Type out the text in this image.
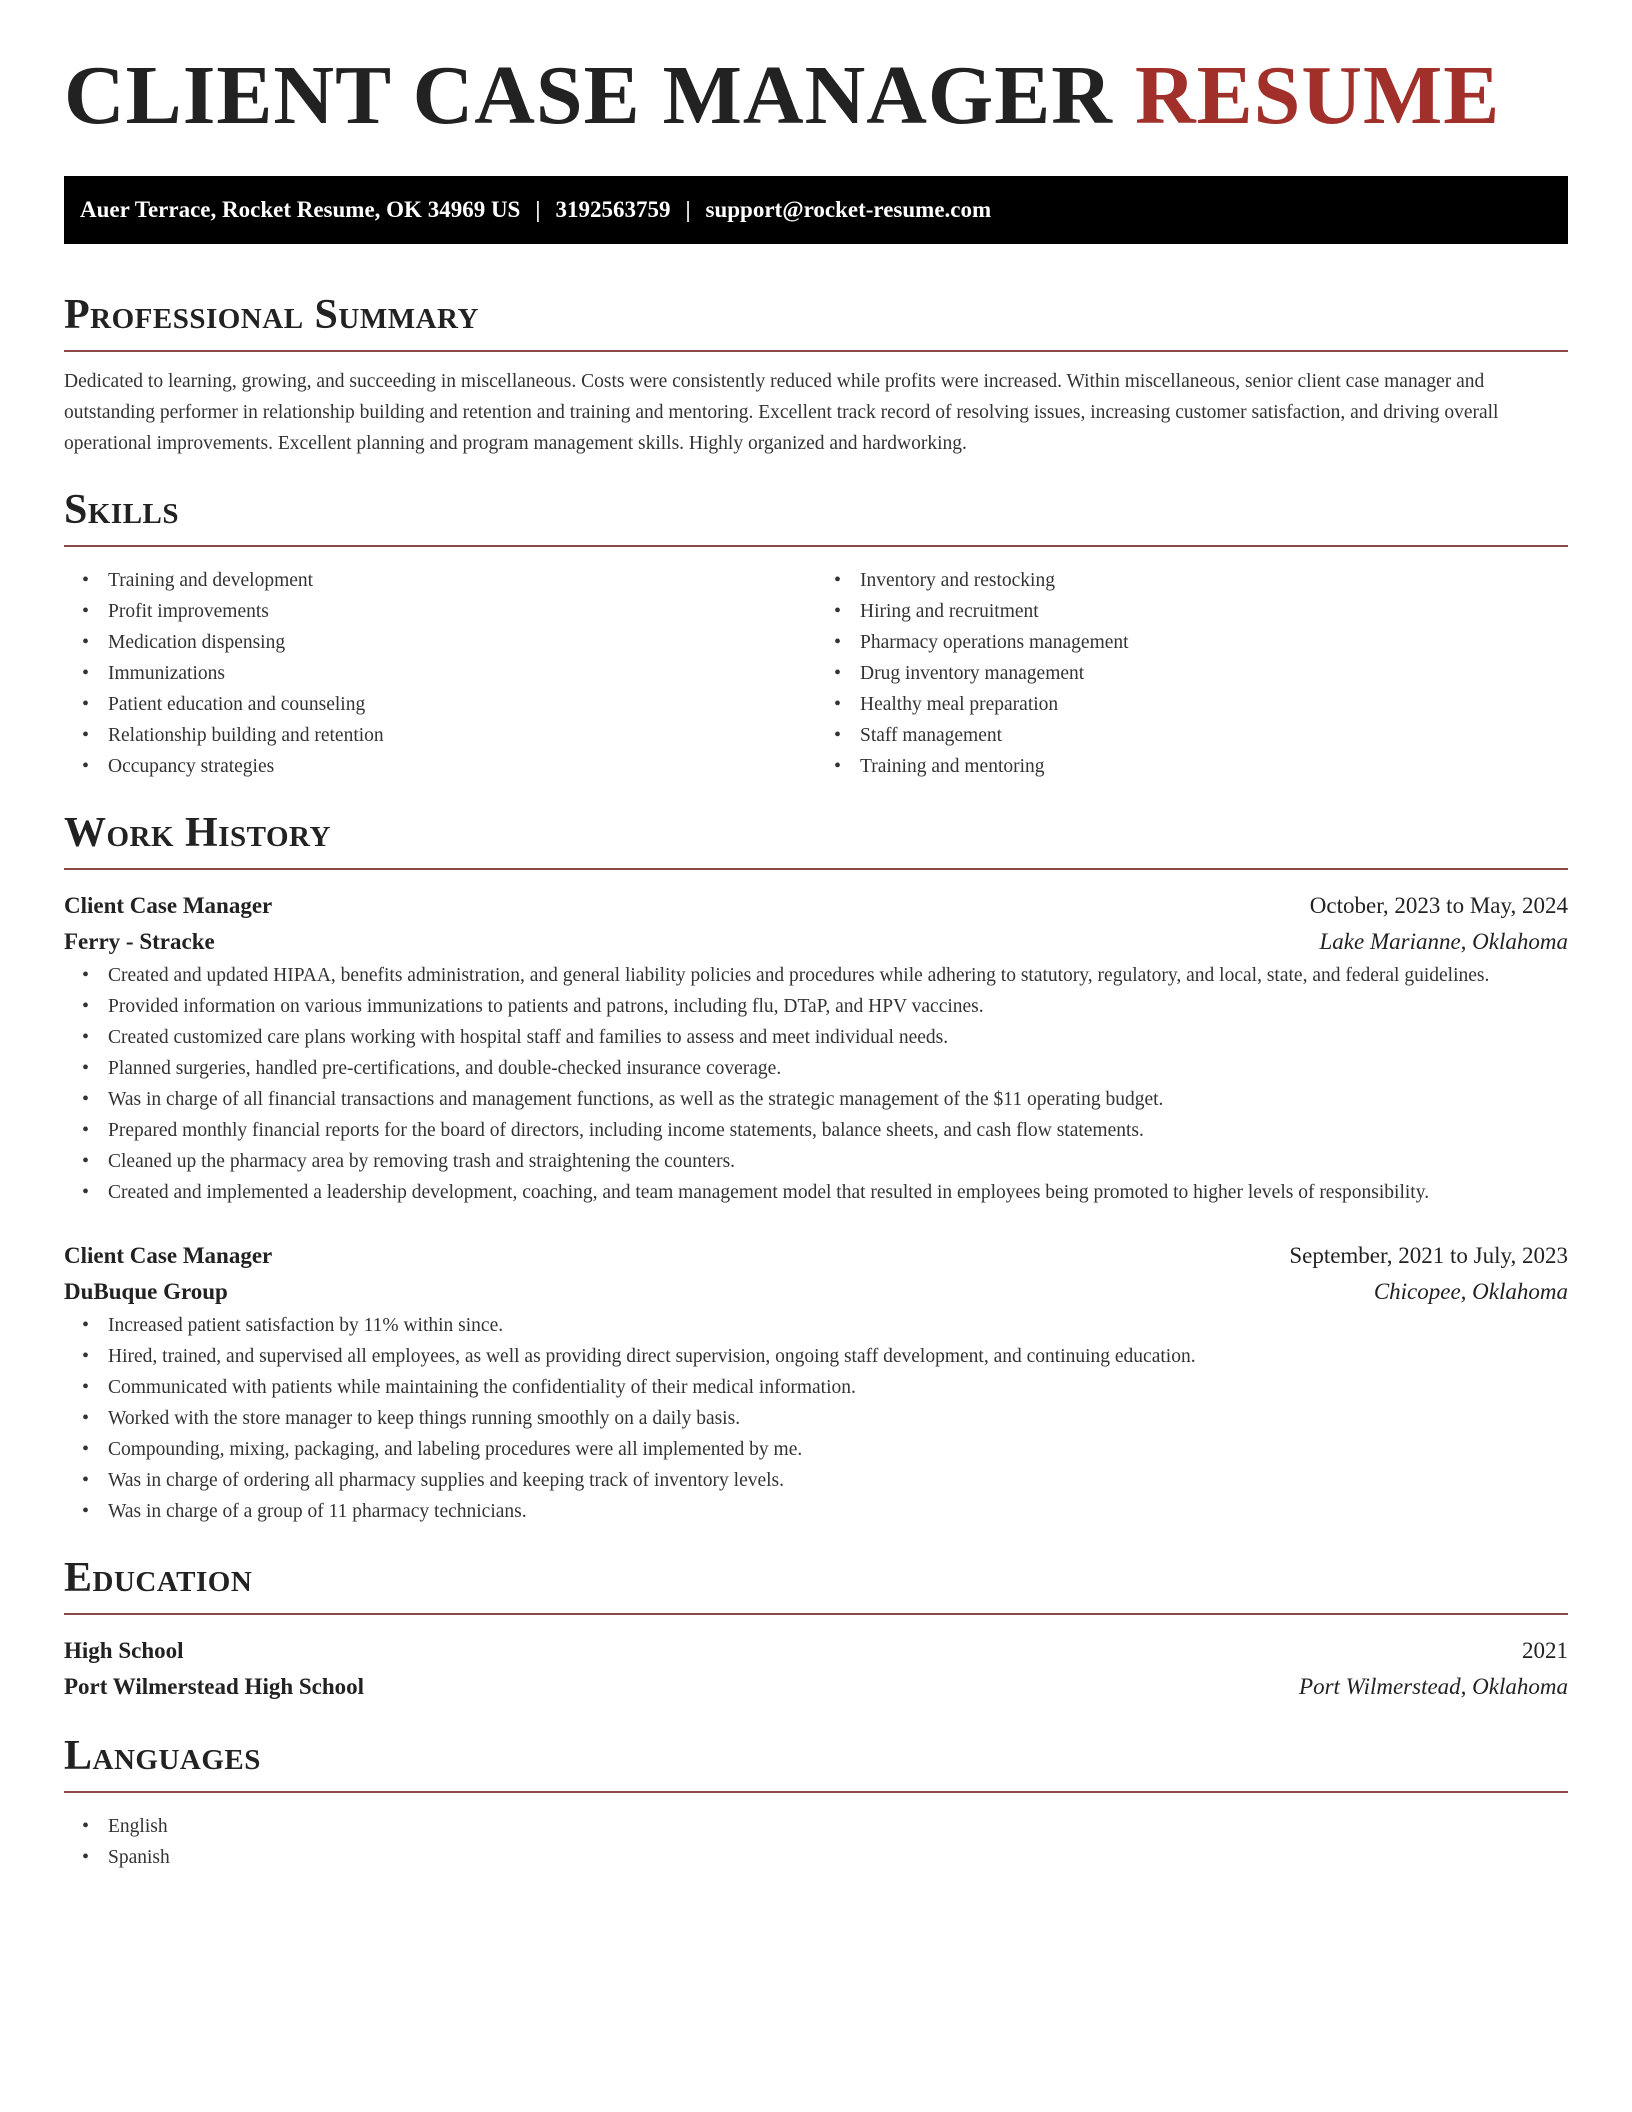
CLIENT CASE MANAGER RESUME
Auer Terrace, Rocket Resume, OK 34969 US | 3192563759 | support@rocket-resume.com
Professional Summary

Dedicated to learning, growing, and succeeding in miscellaneous. Costs were consistently reduced while profits were increased. Within miscellaneous, senior client case manager and outstanding performer in relationship building and retention and training and mentoring. Excellent track record of resolving issues, increasing customer satisfaction, and driving overall operational improvements. Excellent planning and program management skills. Highly organized and hardworking.

Skills
• Training and development
• Profit improvements
• Medication dispensing
• Immunizations
• Patient education and counseling
• Relationship building and retention
• Occupancy strategies
• Inventory and restocking
• Hiring and recruitment
• Pharmacy operations management
• Drug inventory management
• Healthy meal preparation
• Staff management
• Training and mentoring
Work History
Client Case Manager	October, 2023 to May, 2024
Ferry - Stracke	Lake Marianne, Oklahoma
• Created and updated HIPAA, benefits administration, and general liability policies and procedures while adhering to statutory, regulatory, and local, state, and federal guidelines.
• Provided information on various immunizations to patients and patrons, including flu, DTaP, and HPV vaccines.
• Created customized care plans working with hospital staff and families to assess and meet individual needs.
• Planned surgeries, handled pre-certifications, and double-checked insurance coverage.
• Was in charge of all financial transactions and management functions, as well as the strategic management of the $11 operating budget.
• Prepared monthly financial reports for the board of directors, including income statements, balance sheets, and cash flow statements.
• Cleaned up the pharmacy area by removing trash and straightening the counters.
• Created and implemented a leadership development, coaching, and team management model that resulted in employees being promoted to higher levels of responsibility.
Client Case Manager	September, 2021 to July, 2023
DuBuque Group	Chicopee, Oklahoma
• Increased patient satisfaction by 11% within since.
• Hired, trained, and supervised all employees, as well as providing direct supervision, ongoing staff development, and continuing education.
• Communicated with patients while maintaining the confidentiality of their medical information.
• Worked with the store manager to keep things running smoothly on a daily basis.
• Compounding, mixing, packaging, and labeling procedures were all implemented by me.
• Was in charge of ordering all pharmacy supplies and keeping track of inventory levels.
• Was in charge of a group of 11 pharmacy technicians.
Education
High School	2021
Port Wilmerstead High School	Port Wilmerstead, Oklahoma
Languages
• English
• Spanish
